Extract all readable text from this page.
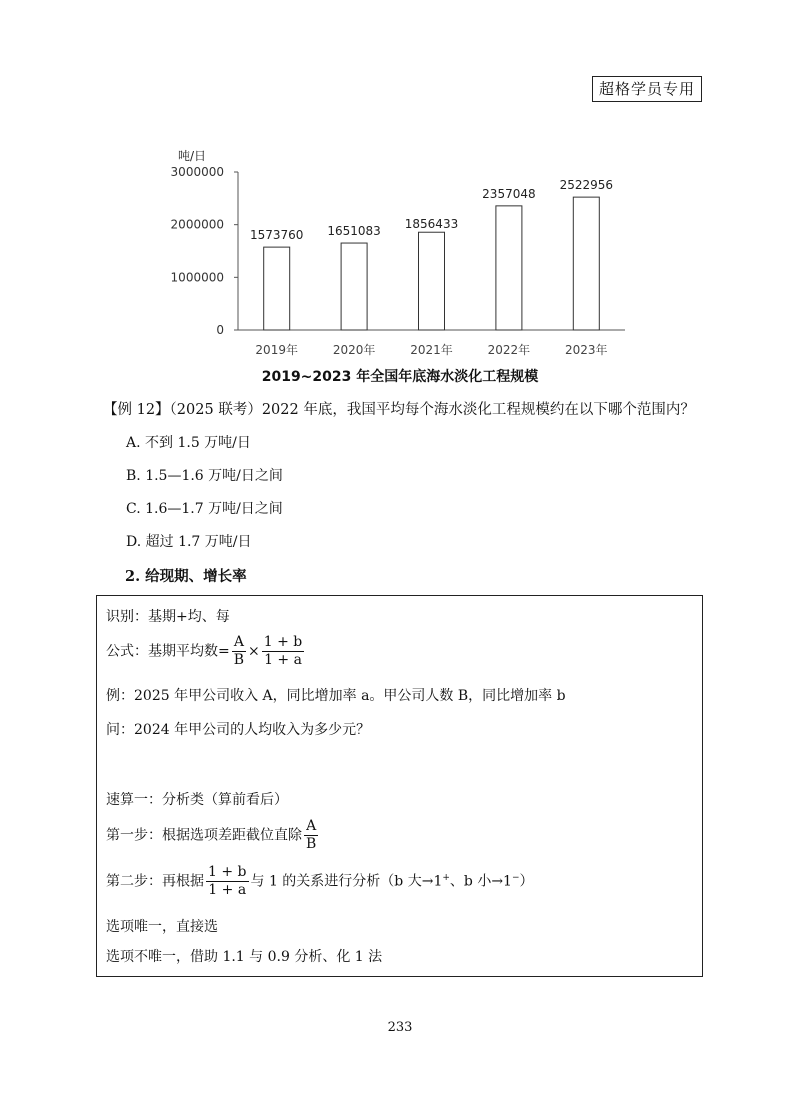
超格学员专用
吨/日
0
1000000
2000000
3000000
1573760
2019年
1651083
2020年
1856433
2021年
2357048
2022年
2522956
2023年
2019~2023 年全国年底海水淡化工程规模
【例 12】（2025 联考）2022 年底，我国平均每个海水淡化工程规模约在以下哪个范围内？
A. 不到 1.5 万吨/日
B. 1.5—1.6 万吨/日之间
C. 1.6—1.7 万吨/日之间
D. 超过 1.7 万吨/日
2. 给现期、增长率
识别：基期+均、每
公式：基期平均数= $\frac{A}{B} \times \frac{1 + b}{1 + a}$
例：2025 年甲公司收入 A，同比增加率 a。甲公司人数 B，同比增加率 b
问：2024 年甲公司的人均收入为多少元？
速算一：分析类（算前看后）
第一步：根据选项差距截位直除 $\frac{A}{B}$
第二步：再根据 $\frac{1 + b}{1 + a}$ 与 1 的关系进行分析（b 大→1+、b 小→1−）
选项唯一，直接选
选项不唯一，借助 1.1 与 0.9 分析、化 1 法
233
